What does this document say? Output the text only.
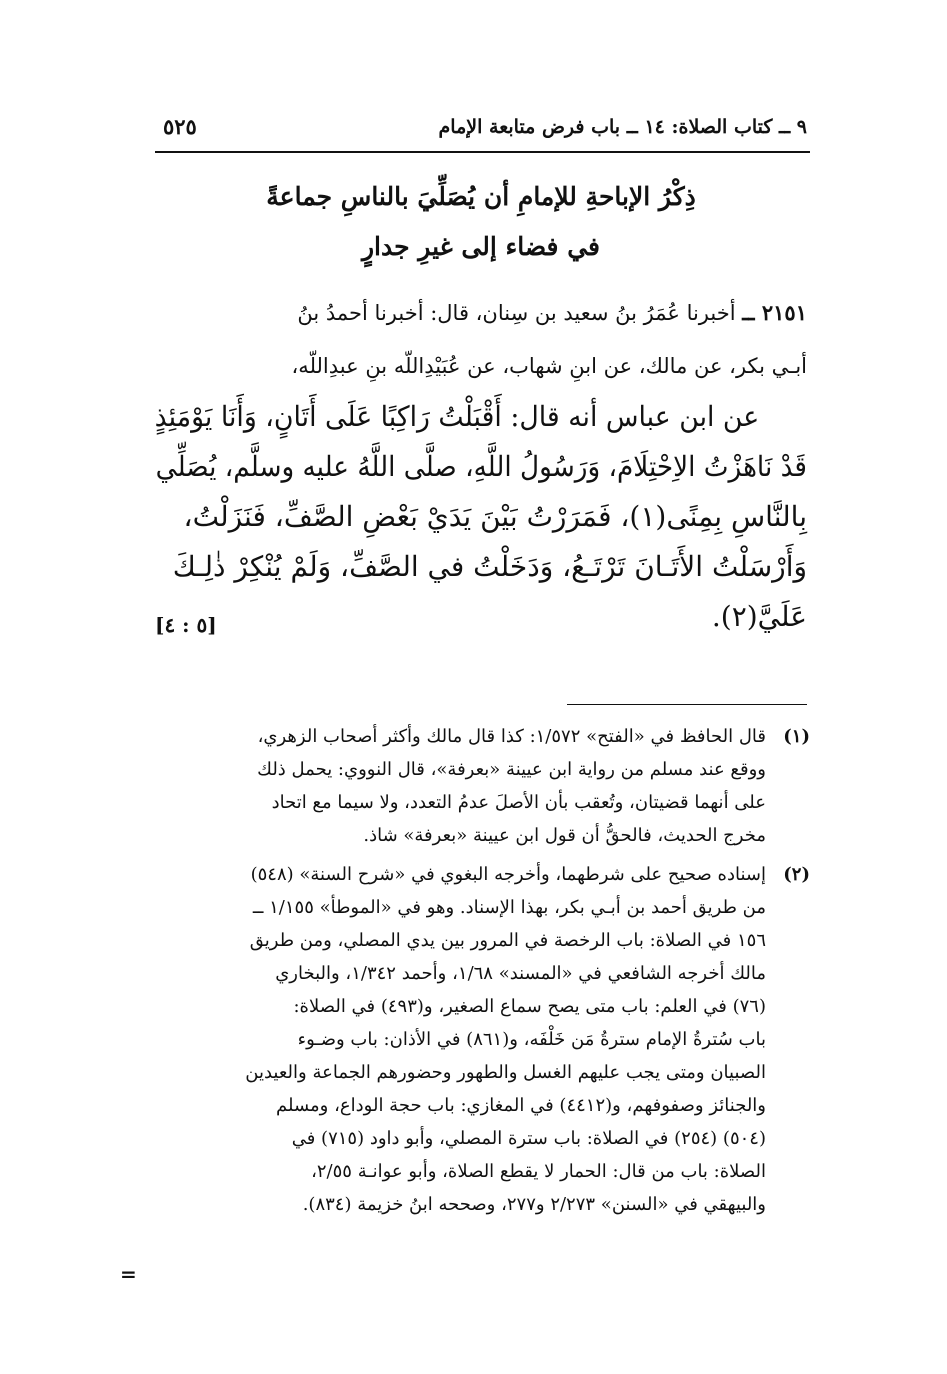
٩ ــ كتاب الصلاة: ١٤ ــ باب فرض متابعة الإمام
٥٢٥
ذِكْرُ الإباحةِ للإمامِ أن يُصَلِّيَ بالناسِ جماعةً
في فضاء إلى غيرِ جدارٍ
٢١٥١ ــ أخبرنا عُمَرُ بنُ سعيد بن سِنان، قال: أخبرنا أحمدُ بنُ
أبـي بكر، عن مالك، عن ابنِ شهاب، عن عُبَيْدِاللّه بنِ عبدِاللّه،
عن ابن عباس أنه قال: أَقْبَلْتُ رَاكِبًا عَلَى أَتَانٍ، وَأَنَا يَوْمَئِذٍ
قَدْ نَاهَزْتُ الاِحْتِلَامَ، وَرَسُولُ اللَّهِ، صلَّى اللَّهُ عليه وسلَّم، يُصَلِّي
بِالنَّاسِ بِمِنًى(١)، فَمَرَرْتُ بَيْنَ يَدَيْ بَعْضِ الصَّفِّ، فَنَزَلْتُ،
وَأَرْسَلْتُ الأَتَـانَ تَرْتَـعُ، وَدَخَلْتُ في الصَّفِّ، وَلَمْ يُنْكِرْ ذٰلِـكَ
عَلَيَّ(٢).
[٥ : ٤]
(١)
قال الحافظ في «الفتح» ١/٥٧٢: كذا قال مالك وأكثر أصحاب الزهري،
ووقع عند مسلم من رواية ابن عيينة «بعرفة»، قال النووي: يحمل ذلك
على أنهما قضيتان، وتُعقب بأن الأصلَ عدمُ التعدد، ولا سيما مع اتحاد
مخرج الحديث، فالحقُّ أن قول ابن عيينة «بعرفة» شاذ.
(٢)
إسناده صحيح على شرطهما، وأخرجه البغوي في «شرح السنة» (٥٤٨)
من طريق أحمد بن أبـي بكر، بهذا الإسناد. وهو في «الموطأ» ١/١٥٥ ــ
١٥٦ في الصلاة: باب الرخصة في المرور بين يدي المصلي، ومن طريق
مالك أخرجه الشافعي في «المسند» ١/٦٨، وأحمد ١/٣٤٢، والبخاري
(٧٦) في العلم: باب متى يصح سماع الصغير، و(٤٩٣) في الصلاة:
باب سُترةُ الإمام سترةُ مَن خَلْفَه، و(٨٦١) في الأذان: باب وضـوء
الصبيان ومتى يجب عليهم الغسل والطهور وحضورهم الجماعة والعيدين
والجنائز وصفوفهم، و(٤٤١٢) في المغازي: باب حجة الوداع، ومسلم
(٥٠٤) (٢٥٤) في الصلاة: باب سترة المصلي، وأبو داود (٧١٥) في
الصلاة: باب من قال: الحمار لا يقطع الصلاة، وأبو عوانـة ٢/٥٥،
والبيهقي في «السنن» ٢/٢٧٣ و٢٧٧، وصححه ابنُ خزيمة (٨٣٤).
=
